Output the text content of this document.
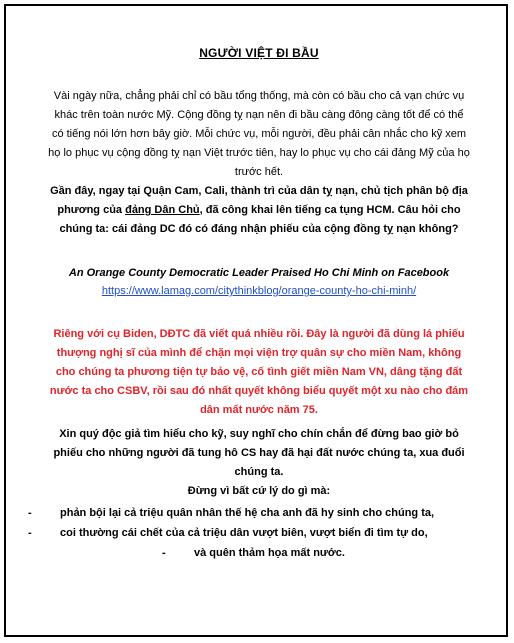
NGƯỜI VIỆT ĐI BẦU
Vài ngày nữa, chẳng phải chỉ có bầu tổng thống, mà còn có bầu cho cả vạn chức vụ
khác trên toàn nước Mỹ. Cộng đồng tỵ nạn nên đi bầu càng đông càng tốt để có thể
có tiếng nói lớn hơn bây giờ. Mỗi chức vụ, mỗi người, đều phải cân nhắc cho kỹ xem
họ lo phục vụ cộng đồng tỵ nạn Việt trước tiên, hay lo phục vụ cho cái đảng Mỹ của họ
trước hết.
Gần đây, ngay tại Quận Cam, Cali, thành trì của dân tỵ nạn, chủ tịch phân bộ địa
phương của đảng Dân Chủ, đã công khai lên tiếng ca tụng HCM. Câu hỏi cho
chúng ta: cái đảng DC đó có đáng nhận phiếu của cộng đồng tỵ nạn không?
An Orange County Democratic Leader Praised Ho Chi Minh on Facebook
https://www.lamag.com/citythinkblog/orange-county-ho-chi-minh/
Riêng với cụ Biden, DĐTC đã viết quá nhiều rồi. Đây là người đã dùng lá phiếu
thượng nghị sĩ của mình để chặn mọi viện trợ quân sự cho miền Nam, không
cho chúng ta phương tiện tự bảo vệ, cố tình giết miền Nam VN, dâng tặng đất
nước ta cho CSBV, rồi sau đó nhất quyết không biểu quyết một xu nào cho đám
dân mất nước năm 75.
Xin quý độc giả tìm hiểu cho kỹ, suy nghĩ cho chín chắn để đừng bao giờ bỏ
phiếu cho những người đã tung hô CS hay đã hại đất nước chúng ta, xua đuổi
chúng ta.
Đừng vì bất cứ lý do gì mà:
-	phản bội lại cả triệu quân nhân thế hệ cha anh đã hy sinh cho chúng ta,
-	coi thường cái chết của cả triệu dân vượt biên, vượt biển đi tìm tự do,
-	và quên thảm họa mất nước.
